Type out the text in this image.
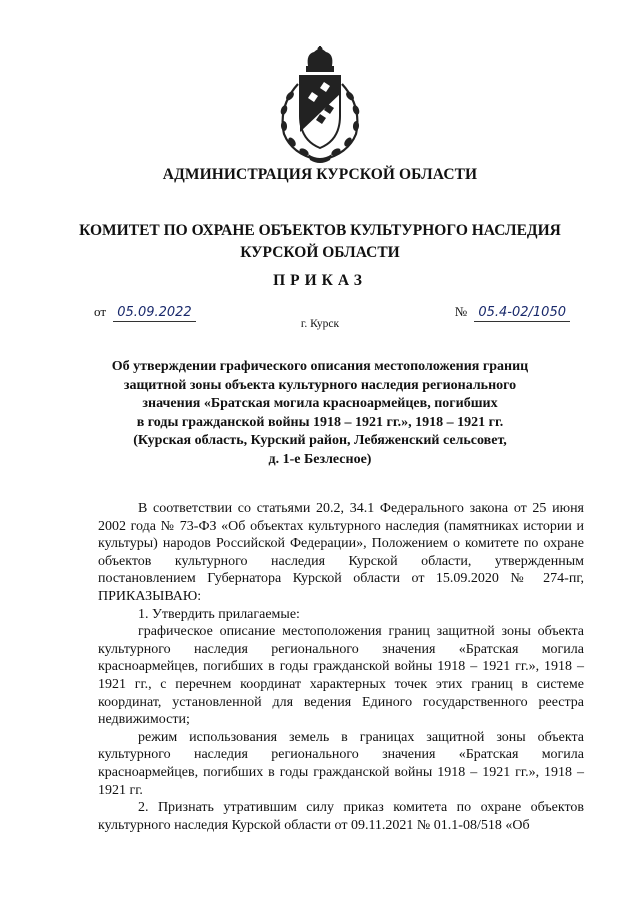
АДМИНИСТРАЦИЯ КУРСКОЙ ОБЛАСТИ
КОМИТЕТ ПО ОХРАНЕ ОБЪЕКТОВ КУЛЬТУРНОГО НАСЛЕДИЯ
КУРСКОЙ ОБЛАСТИ
ПРИКАЗ
от 05.09.2022	№ 05.4-02/1050
г. Курск
Об утверждении графического описания местоположения границ
защитной зоны объекта культурного наследия регионального
значения «Братская могила красноармейцев, погибших
в годы гражданской войны 1918 – 1921 гг.», 1918 – 1921 гг.
(Курская область, Курский район, Лебяженский сельсовет,
д. 1-е Безлесное)

В соответствии со статьями 20.2, 34.1 Федерального закона от 25 июня 2002 года № 73-ФЗ «Об объектах культурного наследия (памятниках истории и культуры) народов Российской Федерации», Положением о комитете по охране объектов культурного наследия Курской области, утвержденным постановлением Губернатора Курской области от 15.09.2020 № 274-пг, ПРИКАЗЫВАЮ:

1. Утвердить прилагаемые:

графическое описание местоположения границ защитной зоны объекта культурного наследия регионального значения «Братская могила красноармейцев, погибших в годы гражданской войны 1918 – 1921 гг.», 1918 – 1921 гг., с перечнем координат характерных точек этих границ в системе координат, установленной для ведения Единого государственного реестра недвижимости;

режим использования земель в границах защитной зоны объекта культурного наследия регионального значения «Братская могила красноармейцев, погибших в годы гражданской войны 1918 – 1921 гг.», 1918 – 1921 гг.

2. Признать утратившим силу приказ комитета по охране объектов культурного наследия Курской области от 09.11.2021 № 01.1-08/518 «Об
